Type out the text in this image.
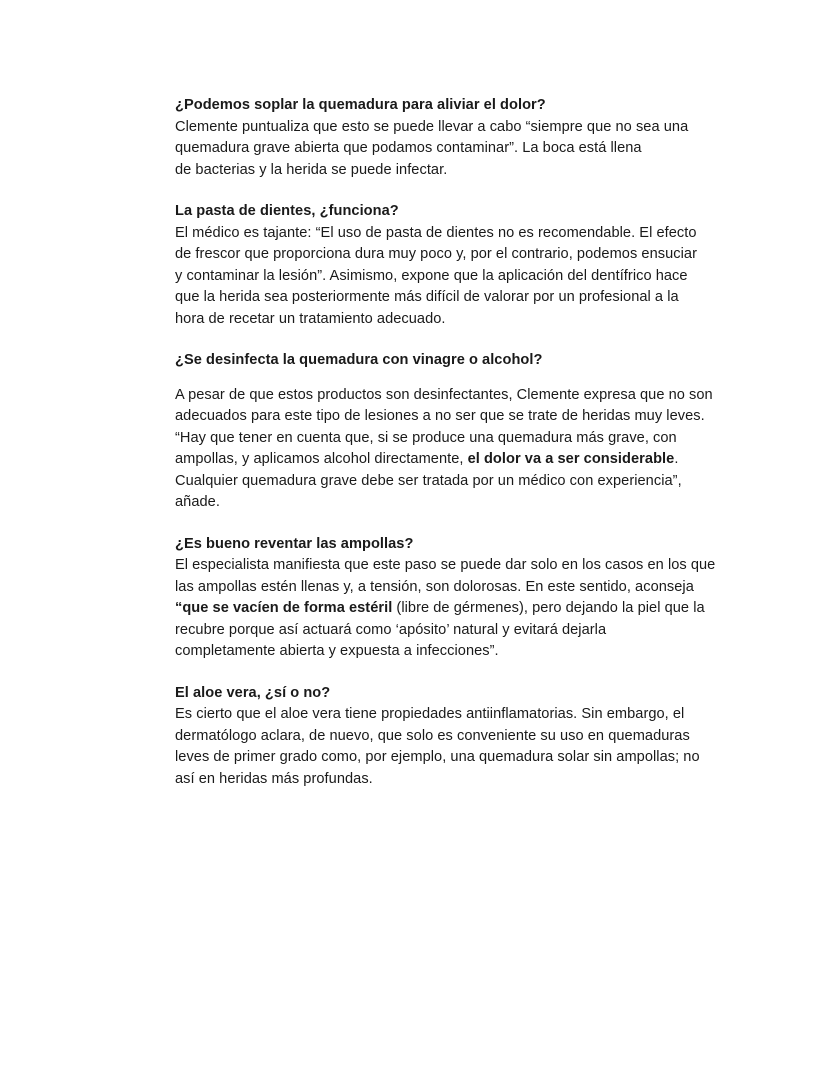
¿Podemos soplar la quemadura para aliviar el dolor?
Clemente puntualiza que esto se puede llevar a cabo “siempre que no sea una
quemadura grave abierta que podamos contaminar”. La boca está llena
de bacterias y la herida se puede infectar.
La pasta de dientes, ¿funciona?
El médico es tajante: “El uso de pasta de dientes no es recomendable. El efecto
de frescor que proporciona dura muy poco y, por el contrario, podemos ensuciar
y contaminar la lesión”. Asimismo, expone que la aplicación del dentífrico hace
que la herida sea posteriormente más difícil de valorar por un profesional a la
hora de recetar un tratamiento adecuado.
¿Se desinfecta la quemadura con vinagre o alcohol?
A pesar de que estos productos son desinfectantes, Clemente expresa que no son
adecuados para este tipo de lesiones a no ser que se trate de heridas muy leves.
“Hay que tener en cuenta que, si se produce una quemadura más grave, con
ampollas, y aplicamos alcohol directamente, el dolor va a ser considerable.
Cualquier quemadura grave debe ser tratada por un médico con experiencia”,
añade.
¿Es bueno reventar las ampollas?
El especialista manifiesta que este paso se puede dar solo en los casos en los que
las ampollas estén llenas y, a tensión, son dolorosas. En este sentido, aconseja
“que se vacíen de forma estéril (libre de gérmenes), pero dejando la piel que la
recubre porque así actuará como ‘apósito’ natural y evitará dejarla
completamente abierta y expuesta a infecciones”.
El aloe vera, ¿sí o no?
Es cierto que el aloe vera tiene propiedades antiinflamatorias. Sin embargo, el
dermatólogo aclara, de nuevo, que solo es conveniente su uso en quemaduras
leves de primer grado como, por ejemplo, una quemadura solar sin ampollas; no
así en heridas más profundas.
